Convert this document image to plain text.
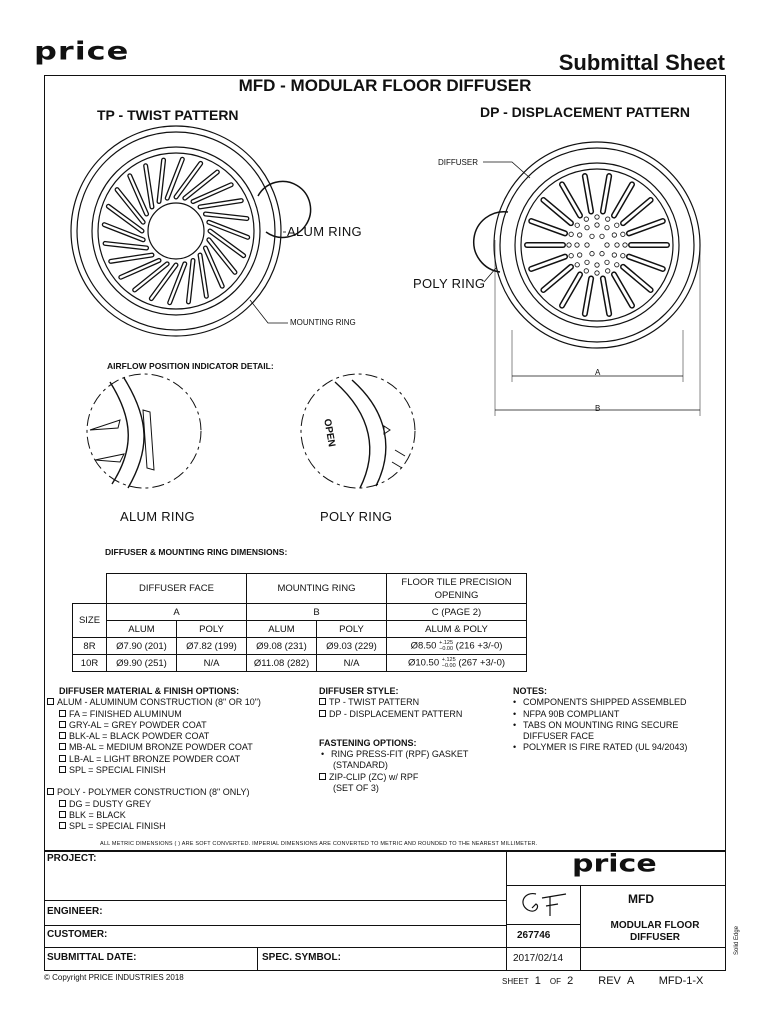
price	Submittal Sheet
MFD - MODULAR FLOOR DIFFUSER
TP - TWIST PATTERN	DP - DISPLACEMENT PATTERN
DIFFUSER
ALUM RING
POLY RING
MOUNTING RING
A
B
AIRFLOW POSITION INDICATOR DETAIL:
ALUM RING	POLY RING
OPEN
DIFFUSER & MOUNTING RING DIMENSIONS:
	DIFFUSER FACE		MOUNTING RING		FLOOR TILE PRECISION OPENING
SIZE	A		B		C (PAGE 2)
	ALUM	POLY	ALUM	POLY	ALUM & POLY
8R	Ø7.90 (201)	Ø7.82 (199)	Ø9.08 (231)	Ø9.03 (229)	Ø8.50 +.125
−0.00 (216 +3/-0)
10R	Ø9.90 (251)	N/A	Ø11.08 (282)	N/A	Ø10.50 +.125
−0.00 (267 +3/-0)
DIFFUSER MATERIAL & FINISH OPTIONS:
ALUM - ALUMINUM CONSTRUCTION (8" OR 10")
FA = FINISHED ALUMINUM
GRY-AL = GREY POWDER COAT
BLK-AL = BLACK POWDER COAT
MB-AL = MEDIUM BRONZE POWDER COAT
LB-AL = LIGHT BRONZE POWDER COAT
SPL = SPECIAL FINISH
POLY - POLYMER CONSTRUCTION (8" ONLY)
DG = DUSTY GREY
BLK = BLACK
SPL = SPECIAL FINISH
DIFFUSER STYLE:
TP - TWIST PATTERN
DP - DISPLACEMENT PATTERN
FASTENING OPTIONS:
• RING PRESS-FIT (RPF) GASKET
(STANDARD)
ZIP-CLIP (ZC) w/ RPF
(SET OF 3)
NOTES:
• COMPONENTS SHIPPED ASSEMBLED
• NFPA 90B COMPLIANT
• TABS ON MOUNTING RING SECURE
DIFFUSER FACE
• POLYMER IS FIRE RATED (UL 94/2043)
ALL METRIC DIMENSIONS ( ) ARE SOFT CONVERTED. IMPERIAL DIMENSIONS ARE CONVERTED TO METRIC AND ROUNDED TO THE NEAREST MILLIMETER.
PROJECT:
ENGINEER:
CUSTOMER:
SUBMITTAL DATE:	SPEC. SYMBOL:
price
MFD
MODULAR FLOOR
DIFFUSER
267746
2017/02/14
Solid Edge
© Copyright PRICE INDUSTRIES 2018	SHEET 1 OF 2 REV A MFD-1-X
